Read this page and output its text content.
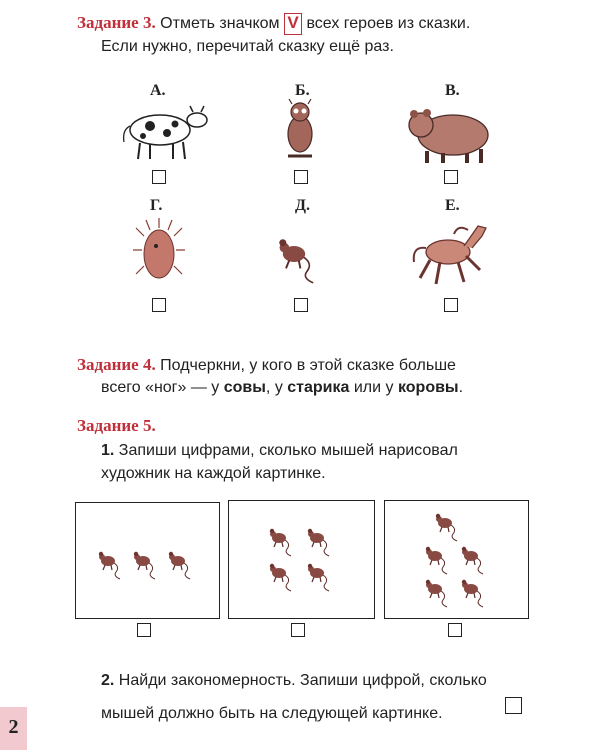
Задание 3. Отметь значком V всех героев из сказки.
Если нужно, перечитай сказку ещё раз.
А.	Б.	В.
Г.	Д.	Е.
Задание 4. Подчеркни, у кого в этой сказке больше
всего «ног» — у совы, у старика или у коровы.
Задание 5.
1. Запиши цифрами, сколько мышей нарисовал
художник на каждой картинке.
2. Найди закономерность. Запиши цифрой, сколько
мышей должно быть на следующей картинке.
2
